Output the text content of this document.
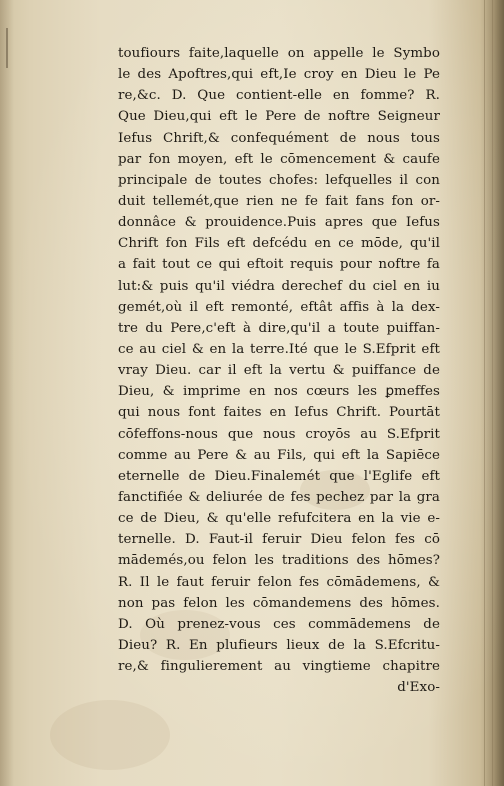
toufiours faite,laquelle on appelle le Symbo
le des Apoftres,qui eft,Ie croy en Dieu le Pe
re,&c. D. Que contient-elle en fomme? R.
Que Dieu,qui eft le Pere de noftre Seigneur
Iefus Chrift,& confequément de nous tous
par fon moyen, eft le cōmencement & caufe
principale de toutes chofes: lefquelles il con
duit tellemét,que rien ne fe fait fans fon or-
donnâce & prouidence.Puis apres que Iefus
Chrift fon Fils eft defcédu en ce mōde, qu'il
a fait tout ce qui eftoit requis pour noftre fa
lut:& puis qu'il viédra derechef du ciel en iu
gemét,où il eft remonté, eftât affis à la dex-
tre du Pere,c'eft à dire,qu'il a toute puiffan-
ce au ciel & en la terre.Ité que le S.Efprit eft
vray Dieu. car il eft la vertu & puiffance de
Dieu, & imprime en nos cœurs les ꝑmeffes
qui nous font faites en Iefus Chrift. Pourtāt
cōfeffons-nous que nous croyōs au S.Efprit
comme au Pere & au Fils, qui eft la Sapiēce
eternelle de Dieu.Finalemét que l'Eglife eft
fanctifiée & deliurée de fes pechez par la gra
ce de Dieu, & qu'elle refufcitera en la vie e-
ternelle. D. Faut-il feruir Dieu felon fes cō
mādemés,ou felon les traditions des hōmes?
R. Il le faut feruir felon fes cōmādemens, &
non pas felon les cōmandemens des hōmes.
D. Où prenez-vous ces commādemens de
Dieu? R. En plufieurs lieux de la S.Efcritu-
re,& fingulierement au vingtieme chapitre
d'Exo-
